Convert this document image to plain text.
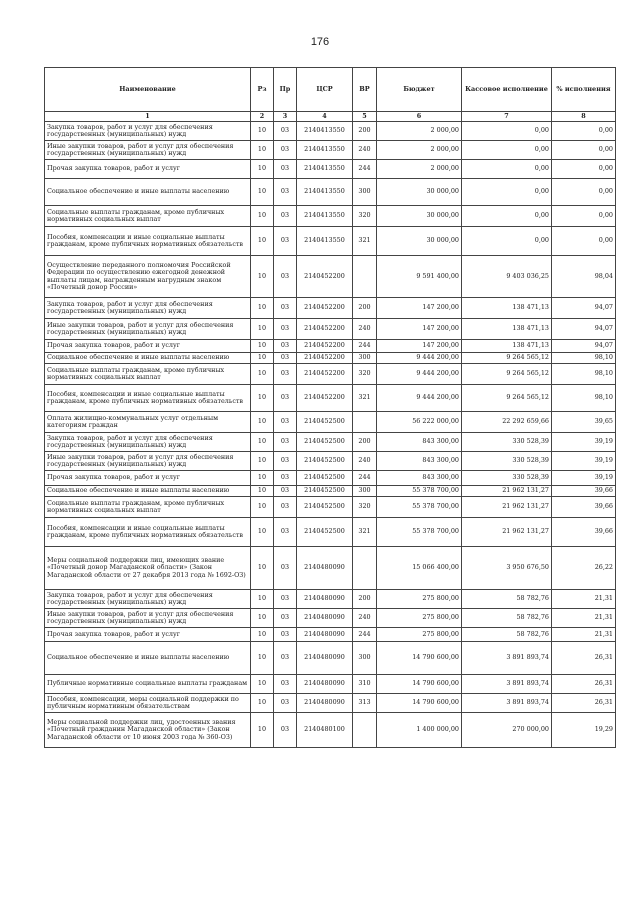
176
Наименование	Рз	Пр	ЦСР	ВР	Бюджет	Кассовое исполнение	% исполнения
1	2	3	4	5	6	7	8
Закупка товаров, работ и услуг для обеспечения государственных (муниципальных) нужд	10	03	2140413550	200	2 000,00	0,00	0,00
Иные закупки товаров, работ и услуг для обеспечения государственных (муниципальных) нужд	10	03	2140413550	240	2 000,00	0,00	0,00
Прочая закупка товаров, работ и услуг	10	03	2140413550	244	2 000,00	0,00	0,00
Социальное обеспечение и иные выплаты населению	10	03	2140413550	300	30 000,00	0,00	0,00
Социальные выплаты гражданам, кроме публичных нормативных социальных выплат	10	03	2140413550	320	30 000,00	0,00	0,00
Пособия, компенсации и иные социальные выплаты гражданам, кроме публичных нормативных обязательств	10	03	2140413550	321	30 000,00	0,00	0,00
Осуществление переданного полномочия Российской Федерации по осуществлению ежегодной денежной выплаты лицам, награжденным нагрудным знаком «Почетный донор России»	10	03	2140452200		9 591 400,00	9 403 036,25	98,04
Закупка товаров, работ и услуг для обеспечения государственных (муниципальных) нужд	10	03	2140452200	200	147 200,00	138 471,13	94,07
Иные закупки товаров, работ и услуг для обеспечения государственных (муниципальных) нужд	10	03	2140452200	240	147 200,00	138 471,13	94,07
Прочая закупка товаров, работ и услуг	10	03	2140452200	244	147 200,00	138 471,13	94,07
Социальное обеспечение и иные выплаты населению	10	03	2140452200	300	9 444 200,00	9 264 565,12	98,10
Социальные выплаты гражданам, кроме публичных нормативных социальных выплат	10	03	2140452200	320	9 444 200,00	9 264 565,12	98,10
Пособия, компенсации и иные социальные выплаты гражданам, кроме публичных нормативных обязательств	10	03	2140452200	321	9 444 200,00	9 264 565,12	98,10
Оплата жилищно-коммунальных услуг отдельным категориям граждан	10	03	2140452500		56 222 000,00	22 292 659,66	39,65
Закупка товаров, работ и услуг для обеспечения государственных (муниципальных) нужд	10	03	2140452500	200	843 300,00	330 528,39	39,19
Иные закупки товаров, работ и услуг для обеспечения государственных (муниципальных) нужд	10	03	2140452500	240	843 300,00	330 528,39	39,19
Прочая закупка товаров, работ и услуг	10	03	2140452500	244	843 300,00	330 528,39	39,19
Социальное обеспечение и иные выплаты населению	10	03	2140452500	300	55 378 700,00	21 962 131,27	39,66
Социальные выплаты гражданам, кроме публичных нормативных социальных выплат	10	03	2140452500	320	55 378 700,00	21 962 131,27	39,66
Пособия, компенсации и иные социальные выплаты гражданам, кроме публичных нормативных обязательств	10	03	2140452500	321	55 378 700,00	21 962 131,27	39,66
Меры социальной поддержки лиц, имеющих звание «Почетный донор Магаданской области» (Закон Магаданской области от 27 декабря 2013 года № 1692-ОЗ)	10	03	2140480090		15 066 400,00	3 950 676,50	26,22
Закупка товаров, работ и услуг для обеспечения государственных (муниципальных) нужд	10	03	2140480090	200	275 800,00	58 782,76	21,31
Иные закупки товаров, работ и услуг для обеспечения государственных (муниципальных) нужд	10	03	2140480090	240	275 800,00	58 782,76	21,31
Прочая закупка товаров, работ и услуг	10	03	2140480090	244	275 800,00	58 782,76	21,31
Социальное обеспечение и иные выплаты населению	10	03	2140480090	300	14 790 600,00	3 891 893,74	26,31
Публичные нормативные социальные выплаты гражданам	10	03	2140480090	310	14 790 600,00	3 891 893,74	26,31
Пособия, компенсации, меры социальной поддержки по публичным нормативным обязательствам	10	03	2140480090	313	14 790 600,00	3 891 893,74	26,31
Меры социальной поддержки лиц, удостоенных звания «Почетный гражданин Магаданской области» (Закон Магаданской области от 10 июня 2003 года № 360-ОЗ)	10	03	2140480100		1 400 000,00	270 000,00	19,29
